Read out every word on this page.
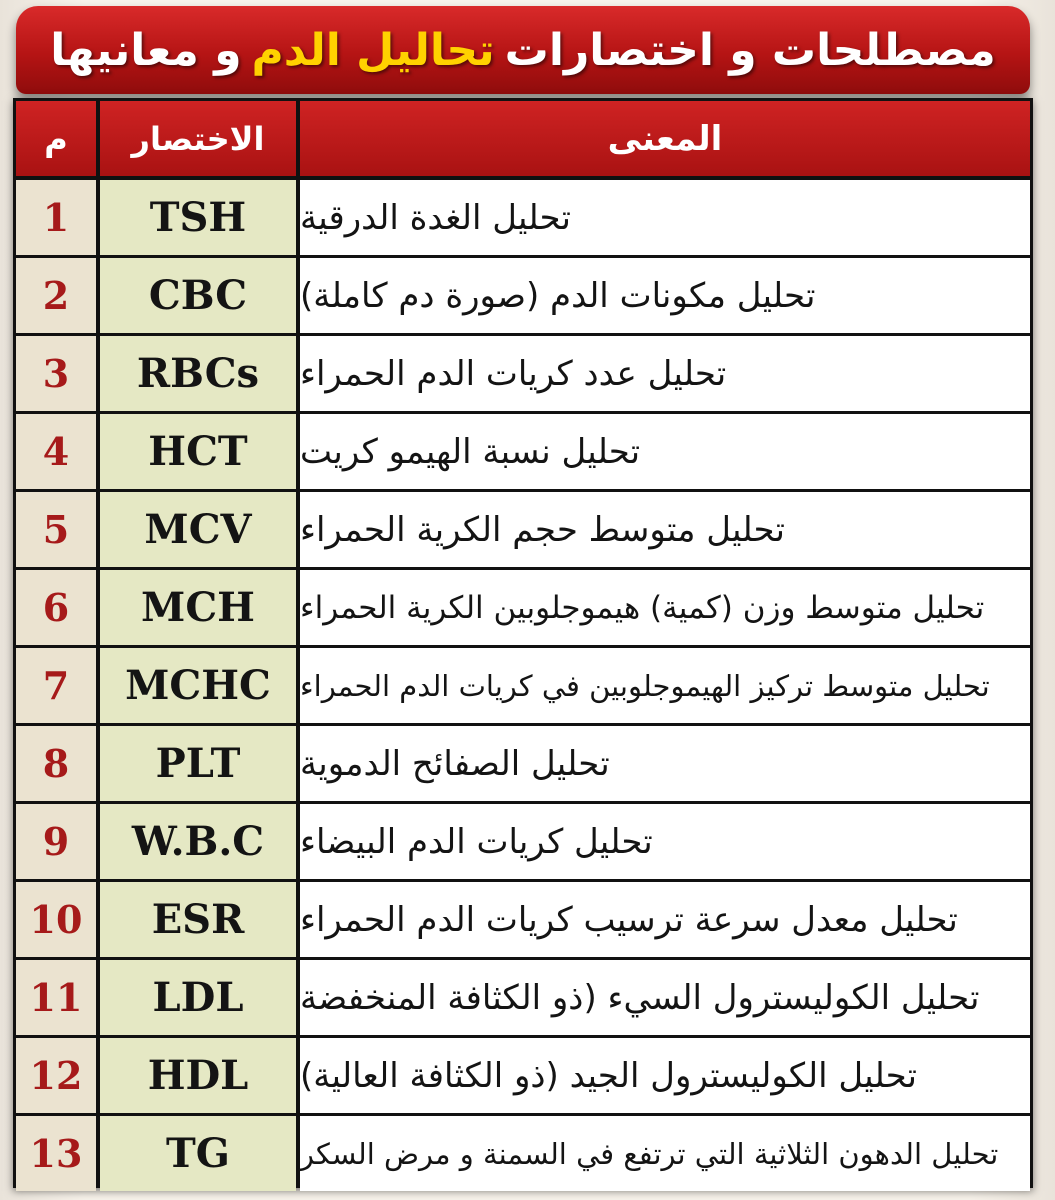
مصطلحات و اختصارات
تحاليل الدم
و معانيها
م	الاختصار	المعنى
1	TSH	تحليل الغدة الدرقية
2	CBC	تحليل مكونات الدم (صورة دم كاملة)
3	RBCs	تحليل عدد كريات الدم الحمراء
4	HCT	تحليل نسبة الهيمو كريت
5	MCV	تحليل متوسط حجم الكرية الحمراء
6	MCH	تحليل متوسط وزن (كمية) هيموجلوبين الكرية الحمراء
7	MCHC	تحليل متوسط تركيز الهيموجلوبين في كريات الدم الحمراء
8	PLT	تحليل الصفائح الدموية
9	W.B.C	تحليل كريات الدم البيضاء
10	ESR	تحليل معدل سرعة ترسيب كريات الدم الحمراء
11	LDL	تحليل الكوليسترول السيء (ذو الكثافة المنخفضة
12	HDL	تحليل الكوليسترول الجيد (ذو الكثافة العالية)
13	TG	تحليل الدهون الثلاثية التي ترتفع في السمنة و مرض السكر
